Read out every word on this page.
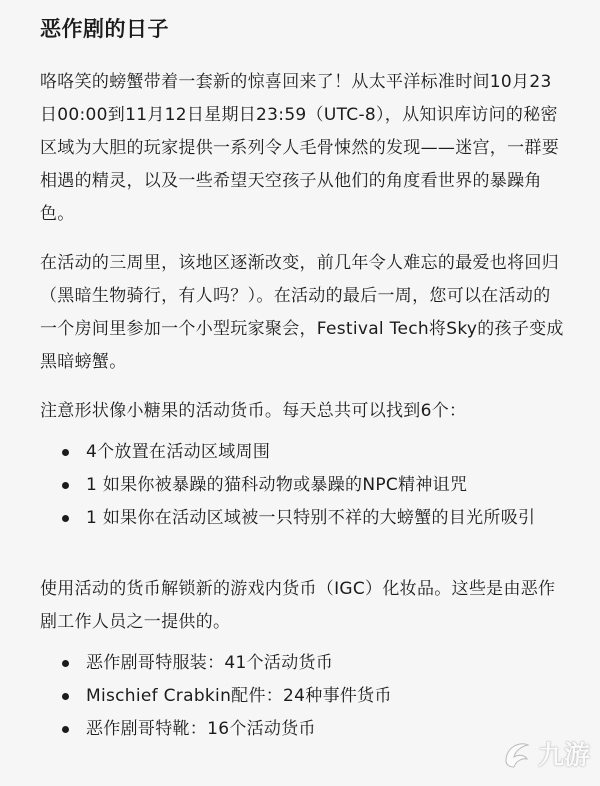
恶作剧的日子

咯咯笑的螃蟹带着一套新的惊喜回来了！从太平洋标准时间10月23日00:00到11月12日星期日23:59（UTC-8），从知识库访问的秘密区域为大胆的玩家提供一系列令人毛骨悚然的发现——迷宫，一群要相遇的精灵，以及一些希望天空孩子从他们的角度看世界的暴躁角色。

在活动的三周里，该地区逐渐改变，前几年令人难忘的最爱也将回归（黑暗生物骑行，有人吗？）。在活动的最后一周，您可以在活动的一个房间里参加一个小型玩家聚会，Festival Tech将Sky的孩子变成黑暗螃蟹。

注意形状像小糖果的活动货币。每天总共可以找到6个：

4个放置在活动区域周围
1 如果你被暴躁的猫科动物或暴躁的NPC精神诅咒
1 如果你在活动区域被一只特别不祥的大螃蟹的目光所吸引

使用活动的货币解锁新的游戏内货币（IGC）化妆品。这些是由恶作剧工作人员之一提供的。

恶作剧哥特服装：41个活动货币
Mischief Crabkin配件：24种事件货币
恶作剧哥特靴：16个活动货币
九游
